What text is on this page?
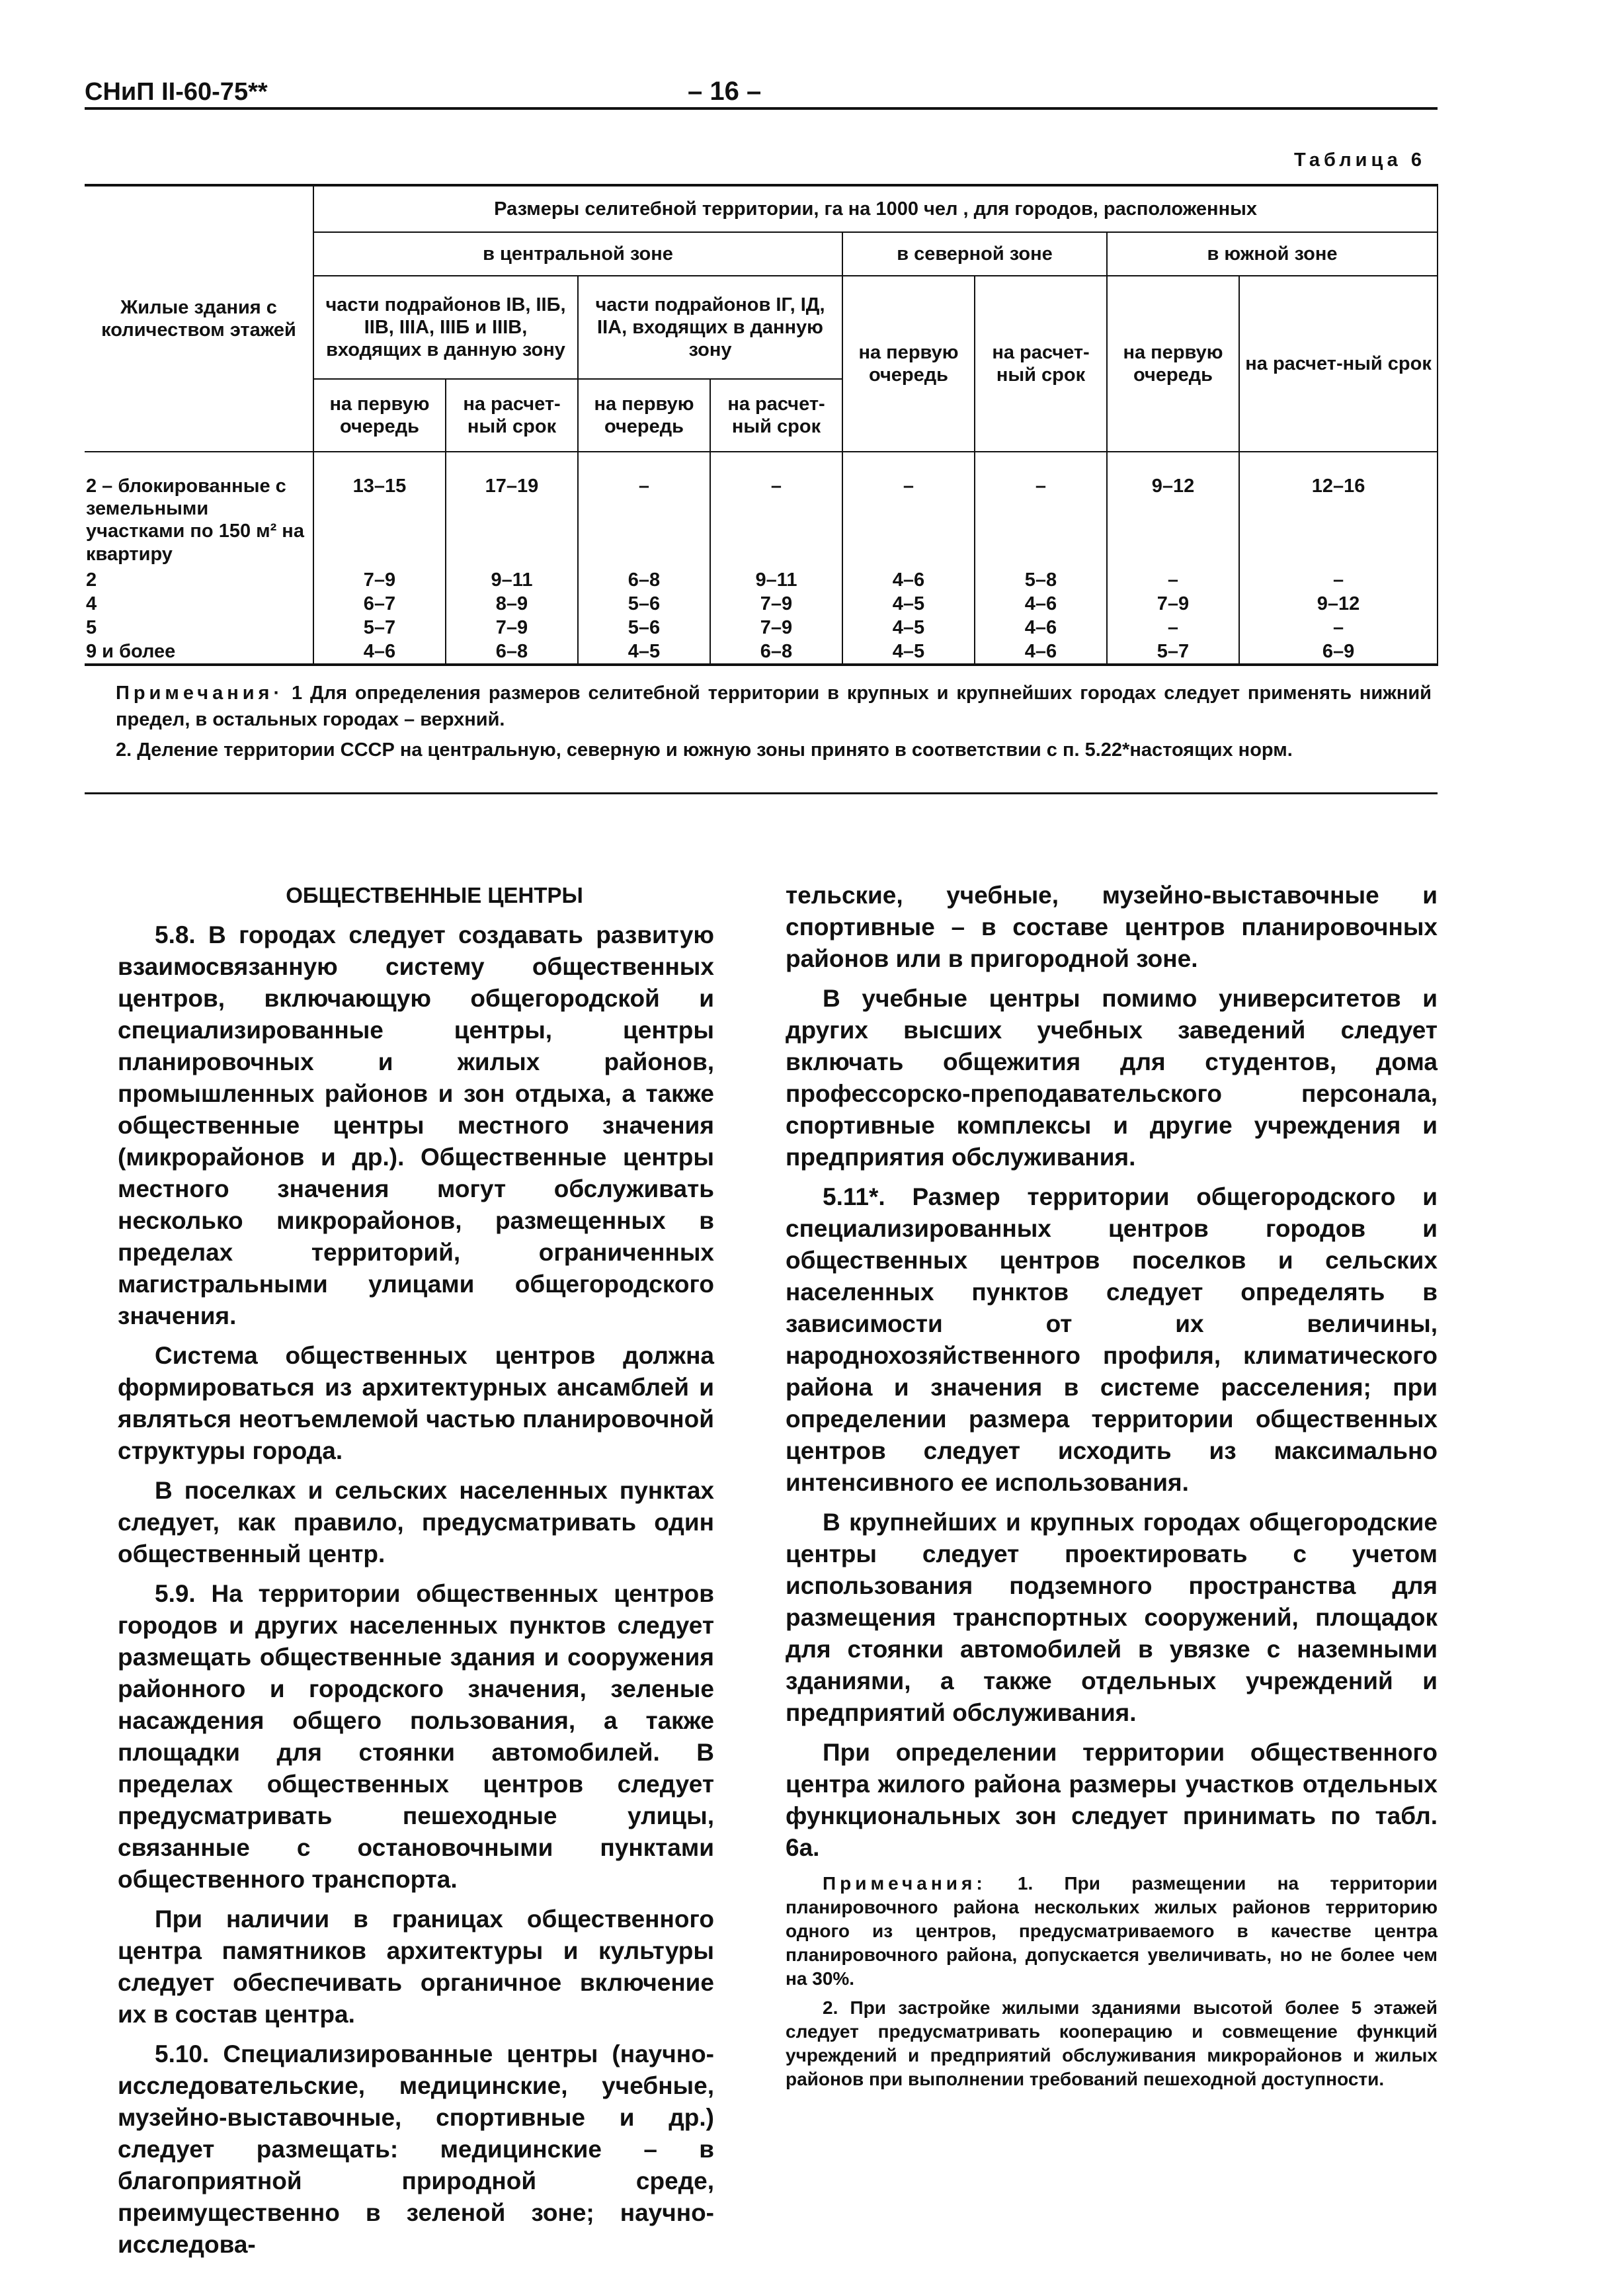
СНиП II-60-75**	– 16 –
Таблица 6
Жилые здания с количеством этажей	Размеры селитебной территории, га на 1000 чел , для городов, расположенных							
	в центральной зоне				в северной зоне		в южной зоне	
	части подрайонов IВ, IIБ, IIВ, IIIА, IIIБ и IIIВ, входящих в данную зону		части подрайонов IГ, IД, IIА, входящих в данную зону		на первую очередь	на расчет-ный срок	на первую очередь	на расчет-ный срок
	на первую очередь	на расчет-ный срок	на первую очередь	на расчет-ный срок				
2 – блокированные с земельными участками по 150 м² на квартиру	13–15	17–19	–	–	–	–	9–12	12–16
2	7–9	9–11	6–8	9–11	4–6	5–8	–	–
4	6–7	8–9	5–6	7–9	4–5	4–6	7–9	9–12
5	5–7	7–9	5–6	7–9	4–5	4–6	–	–
9 и более	4–6	6–8	4–5	6–8	4–5	4–6	5–7	6–9

Примечания· 1 Для определения размеров селитебной территории в крупных и крупнейших городах следует применять нижний предел, в остальных городах – верхний.

2. Деление территории СССР на центральную, северную и южную зоны принято в соответствии с п. 5.22*настоящих норм.

ОБЩЕСТВЕННЫЕ ЦЕНТРЫ

5.8. В городах следует создавать развитую взаимосвязанную систему общественных центров, включающую общегородской и специализированные центры, центры планировочных и жилых районов, промышленных районов и зон отдыха, а также общественные центры местного значения (микрорайонов и др.). Общественные центры местного значения могут обслуживать несколько микрорайонов, размещенных в пределах территорий, ограниченных магистральными улицами общегородского значения.

Система общественных центров должна формироваться из архитектурных ансамблей и являться неотъемлемой частью планировочной структуры города.

В поселках и сельских населенных пунктах следует, как правило, предусматривать один общественный центр.

5.9. На территории общественных центров городов и других населенных пунктов следует размещать общественные здания и сооружения районного и городского значения, зеленые насаждения общего пользования, а также площадки для стоянки автомобилей. В пределах общественных центров следует предусматривать пешеходные улицы, связанные с остановочными пунктами общественного транспорта.

При наличии в границах общественного центра памятников архитектуры и культуры следует обеспечивать органичное включение их в состав центра.

5.10. Специализированные центры (научно-исследовательские, медицинские, учебные, музейно-выставочные, спортивные и др.) следует размещать: медицинские – в благоприятной природной среде, преимущественно в зеленой зоне; научно-исследова-

тельские, учебные, музейно-выставочные и спортивные – в составе центров планировочных районов или в пригородной зоне.

В учебные центры помимо университетов и других высших учебных заведений следует включать общежития для студентов, дома профессорско-преподавательского персонала, спортивные комплексы и другие учреждения и предприятия обслуживания.

5.11*. Размер территории общегородского и специализированных центров городов и общественных центров поселков и сельских населенных пунктов следует определять в зависимости от их величины, народнохозяйственного профиля, климатического района и значения в системе расселения; при определении размера территории общественных центров следует исходить из максимально интенсивного ее использования.

В крупнейших и крупных городах общегородские центры следует проектировать с учетом использования подземного пространства для размещения транспортных сооружений, площадок для стоянки автомобилей в увязке с наземными зданиями, а также отдельных учреждений и предприятий обслуживания.

При определении территории общественного центра жилого района размеры участков отдельных функциональных зон следует принимать по табл. 6а.

Примечания: 1. При размещении на территории планировочного района нескольких жилых районов территорию одного из центров, предусматриваемого в качестве центра планировочного района, допускается увеличивать, но не более чем на 30%.

2. При застройке жилыми зданиями высотой более 5 этажей следует предусматривать кооперацию и совмещение функций учреждений и предприятий обслуживания микрорайонов и жилых районов при выполнении требований пешеходной доступности.
